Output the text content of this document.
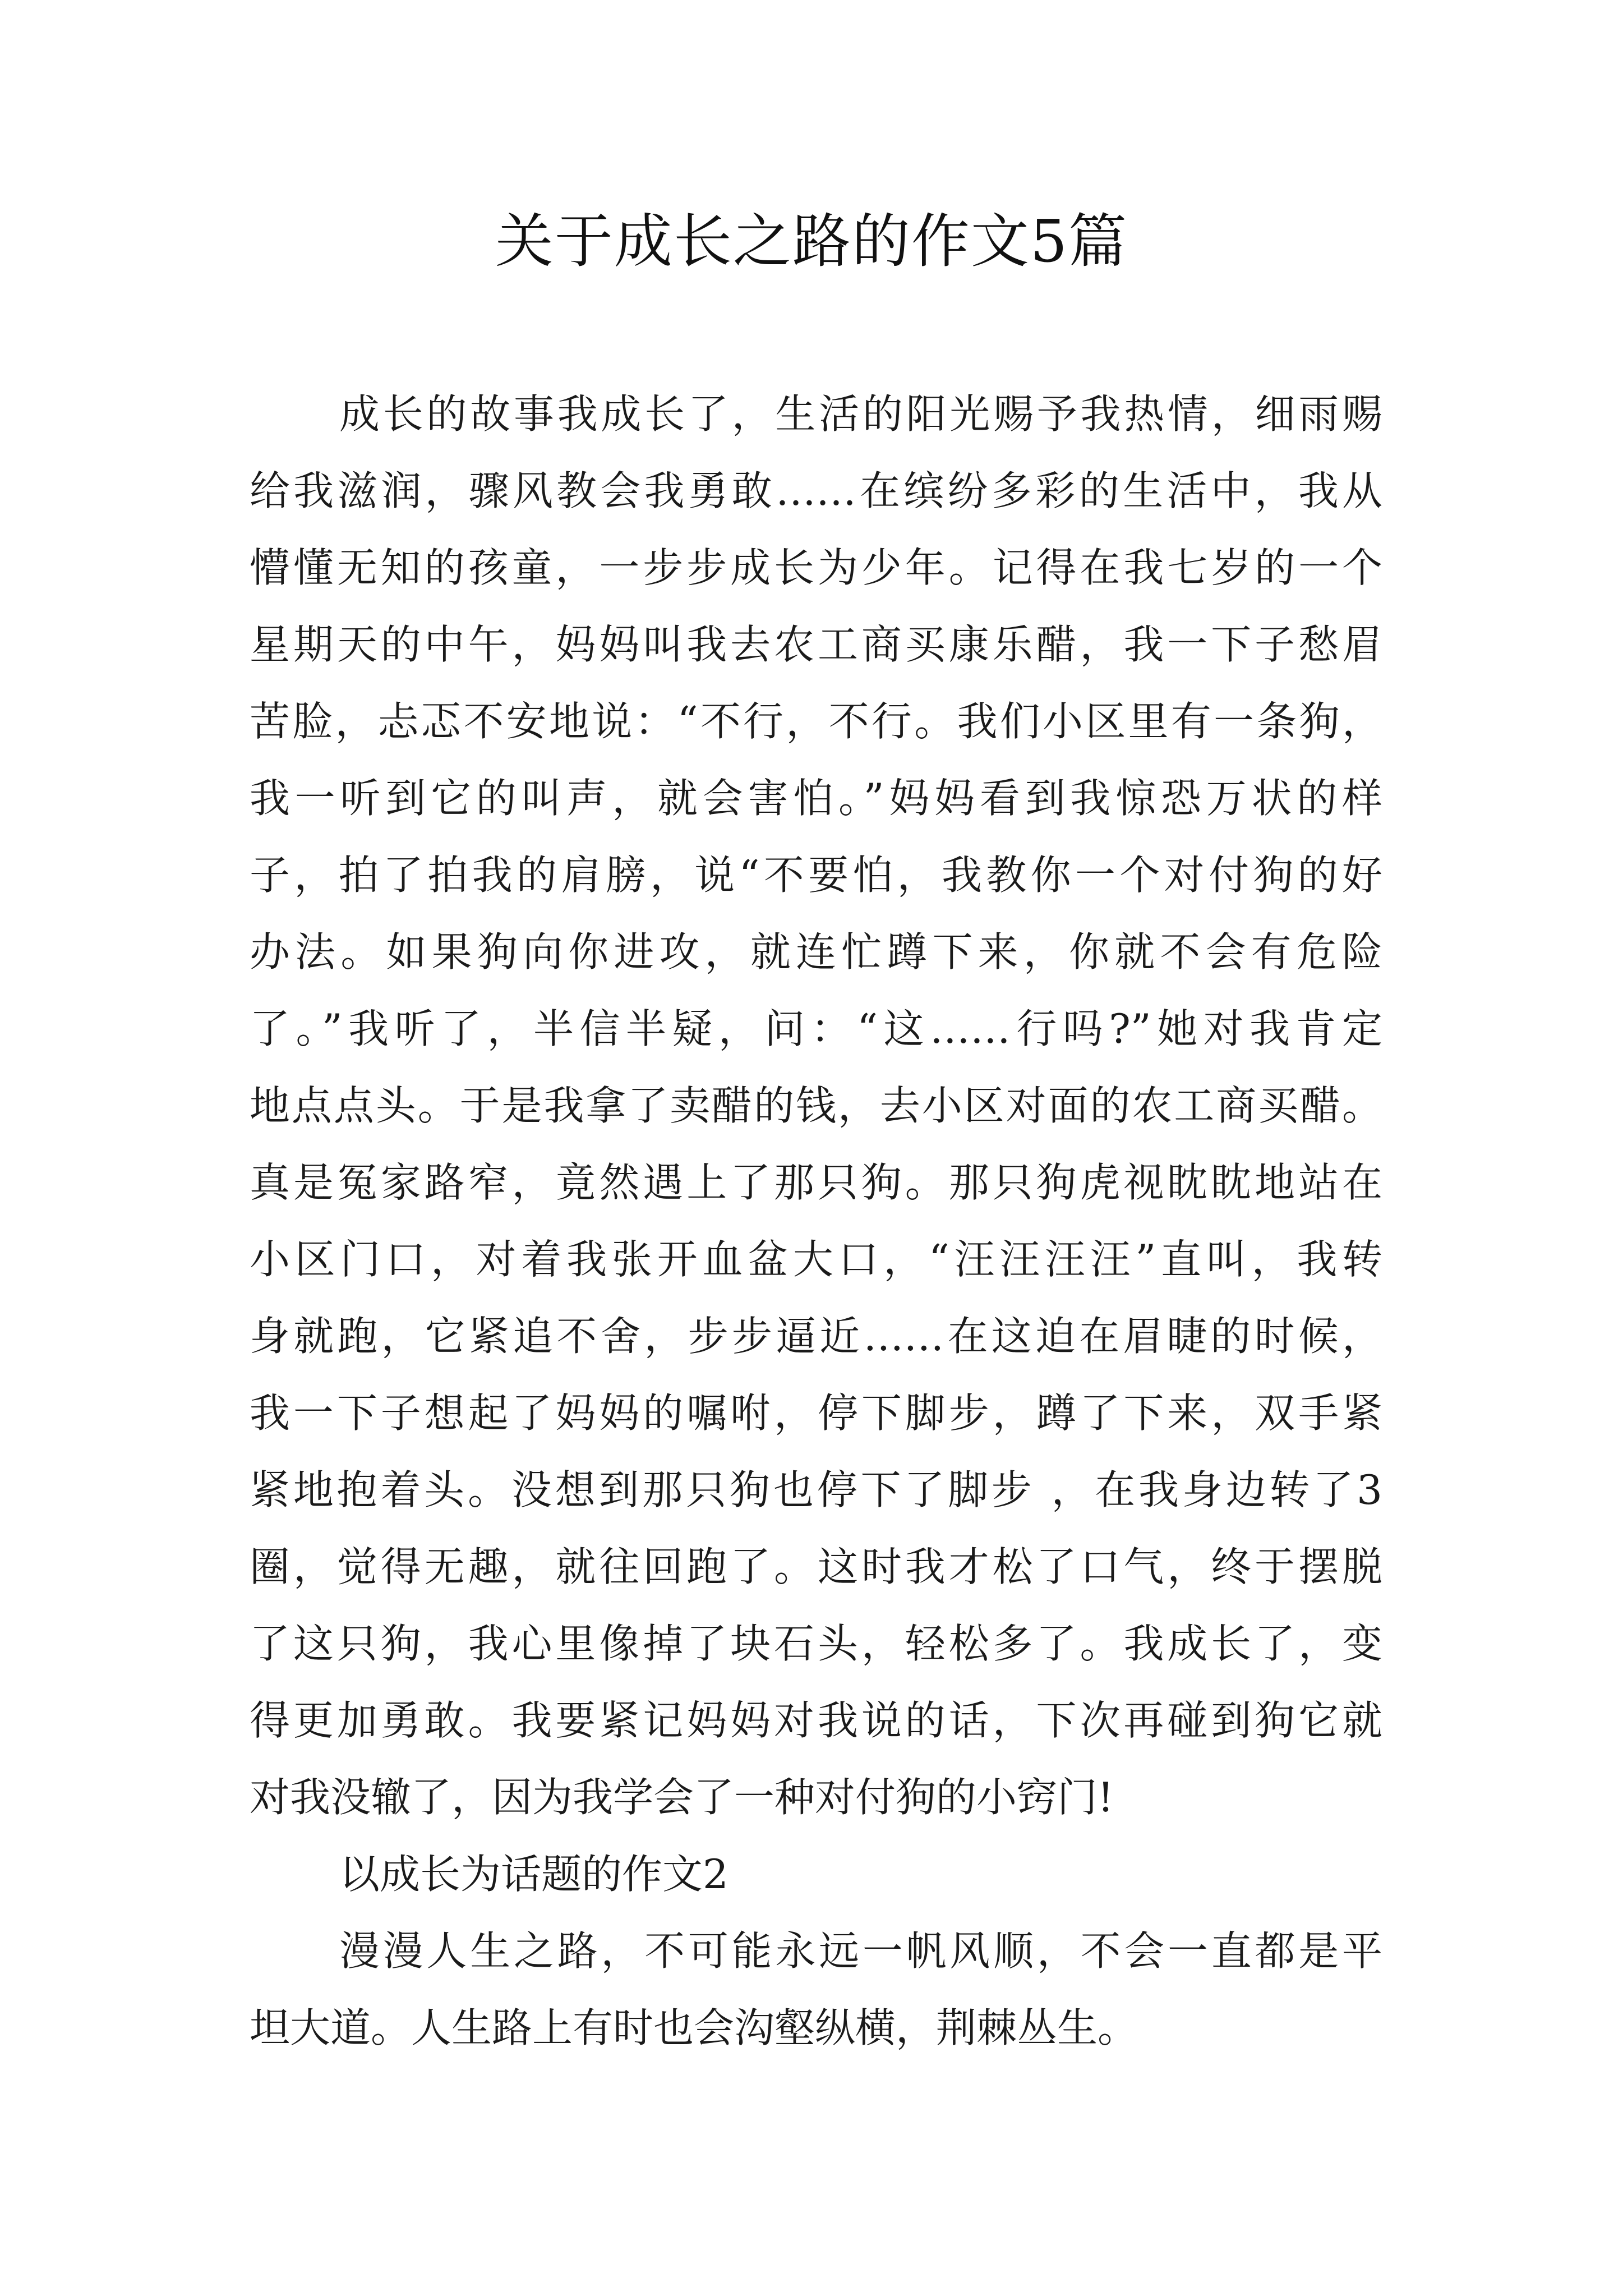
关于成长之路的作文5篇
成长的故事我成长了，生活的阳光赐予我热情，细雨赐
给我滋润，骤风教会我勇敢……在缤纷多彩的生活中，我从
懵懂无知的孩童，一步步成长为少年。记得在我七岁的一个
星期天的中午，妈妈叫我去农工商买康乐醋，我一下子愁眉
苦脸，忐忑不安地说：“不行，不行。我们小区里有一条狗，
我一听到它的叫声，就会害怕。”妈妈看到我惊恐万状的样
子，拍了拍我的肩膀，说“不要怕，我教你一个对付狗的好
办法。如果狗向你进攻，就连忙蹲下来，你就不会有危险
了。”我听了，半信半疑，问：“这……行吗?”她对我肯定
地点点头。于是我拿了卖醋的钱，去小区对面的农工商买醋。
真是冤家路窄，竟然遇上了那只狗。那只狗虎视眈眈地站在
小区门口，对着我张开血盆大口，“汪汪汪汪”直叫，我转
身就跑，它紧追不舍，步步逼近……在这迫在眉睫的时候，
我一下子想起了妈妈的嘱咐，停下脚步，蹲了下来，双手紧
紧地抱着头。没想到那只狗也停下了脚步 ，在我身边转了3
圈，觉得无趣，就往回跑了。这时我才松了口气，终于摆脱
了这只狗，我心里像掉了块石头，轻松多了。我成长了，变
得更加勇敢。我要紧记妈妈对我说的话，下次再碰到狗它就
对我没辙了，因为我学会了一种对付狗的小窍门!
以成长为话题的作文2
漫漫人生之路，不可能永远一帆风顺，不会一直都是平
坦大道。人生路上有时也会沟壑纵横，荆棘丛生。
